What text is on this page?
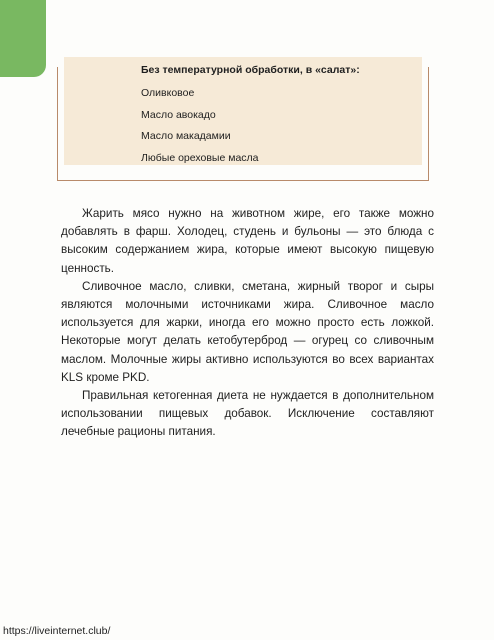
Без температурной обработки, в «салат»:

Оливковое

Масло авокадо

Масло макадамии

Любые ореховые масла

Жарить мясо нужно на животном жире, его также можно добавлять в фарш. Холодец, студень и бульоны — это блюда с высоким содержанием жира, которые имеют высокую пищевую ценность.

Сливочное масло, сливки, сметана, жирный творог и сыры являются молочными источниками жира. Сливочное масло используется для жарки, иногда его можно просто есть ложкой. Некоторые могут делать кетобутерброд — огурец со сливочным маслом. Молочные жиры активно используются во всех вариантах KLS кроме PKD.

Правильная кетогенная диета не нуждается в дополнительном использовании пищевых добавок. Исключение составляют лечебные рационы питания.

https://liveinternet.club/
